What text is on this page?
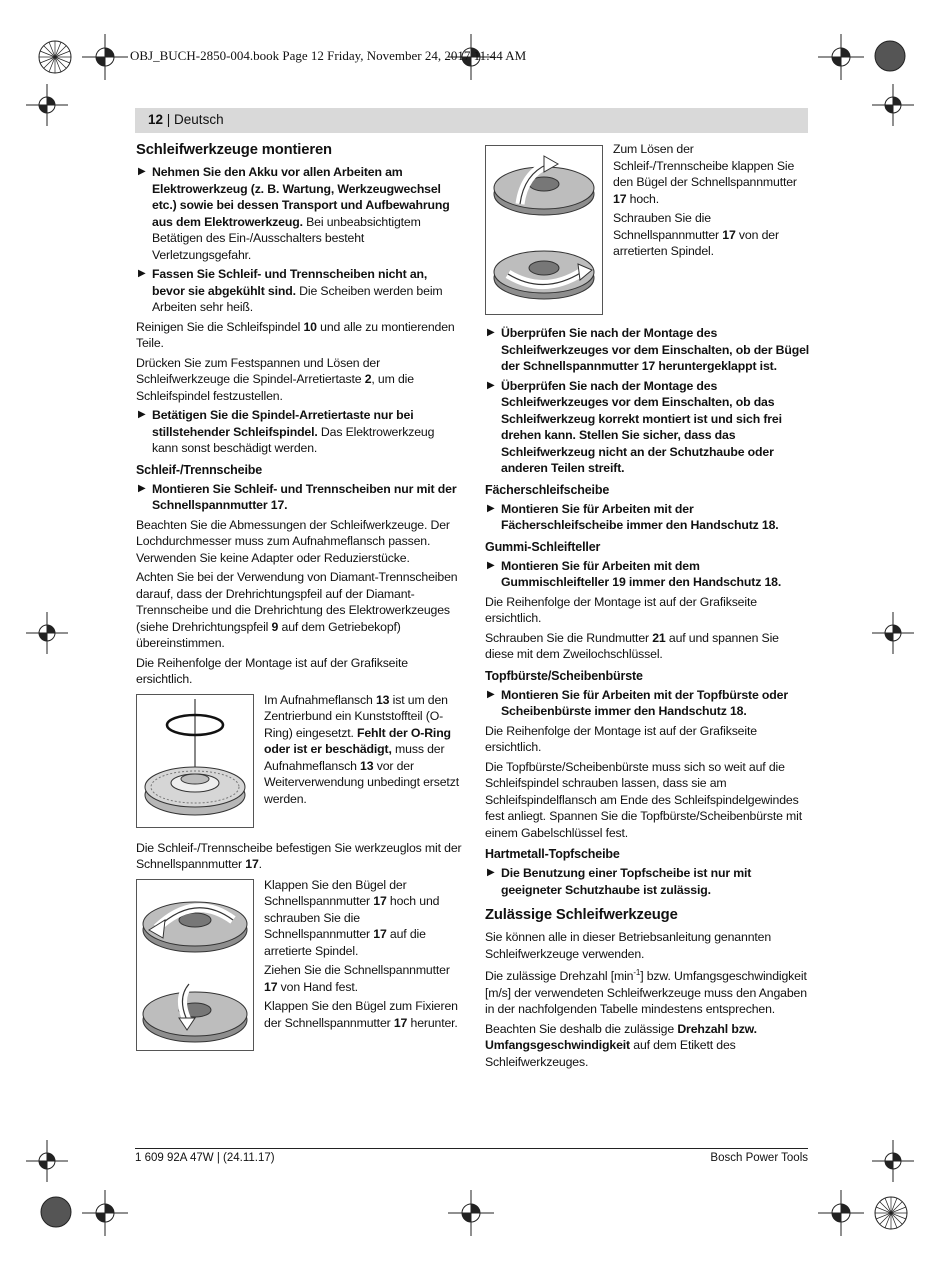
OBJ_BUCH-2850-004.book Page 12 Friday, November 24, 2017 11:44 AM
12 | Deutsch
Schleifwerkzeuge montieren
▶ Nehmen Sie den Akku vor allen Arbeiten am Elektrowerkzeug (z. B. Wartung, Werkzeugwechsel etc.) sowie bei dessen Transport und Aufbewahrung aus dem Elektrowerkzeug. Bei unbeabsichtigtem Betätigen des Ein-/Ausschalters besteht Verletzungsgefahr.
▶ Fassen Sie Schleif- und Trennscheiben nicht an, bevor sie abgekühlt sind. Die Scheiben werden beim Arbeiten sehr heiß.

Reinigen Sie die Schleifspindel 10 und alle zu montierenden Teile.

Drücken Sie zum Festspannen und Lösen der Schleifwerkzeuge die Spindel-Arretiertaste 2, um die Schleifspindel festzustellen.

▶ Betätigen Sie die Spindel-Arretiertaste nur bei stillstehender Schleifspindel. Das Elektrowerkzeug kann sonst beschädigt werden.
Schleif-/Trennscheibe
▶ Montieren Sie Schleif- und Trennscheiben nur mit der Schnellspannmutter 17.

Beachten Sie die Abmessungen der Schleifwerkzeuge. Der Lochdurchmesser muss zum Aufnahmeflansch passen. Verwenden Sie keine Adapter oder Reduzierstücke.

Achten Sie bei der Verwendung von Diamant-Trennscheiben darauf, dass der Drehrichtungspfeil auf der Diamant-Trennscheibe und die Drehrichtung des Elektrowerkzeuges (siehe Drehrichtungspfeil 9 auf dem Getriebekopf) übereinstimmen.

Die Reihenfolge der Montage ist auf der Grafikseite ersichtlich.

Im Aufnahmeflansch 13 ist um den Zentrierbund ein Kunststoffteil (O-Ring) eingesetzt. Fehlt der O-Ring oder ist er beschädigt, muss der Aufnahmeflansch 13 vor der Weiterverwendung unbedingt ersetzt werden.

Die Schleif-/Trennscheibe befestigen Sie werkzeuglos mit der Schnellspannmutter 17.

Klappen Sie den Bügel der Schnellspannmutter 17 hoch und schrauben Sie die Schnellspannmutter 17 auf die arretierte Spindel.

Ziehen Sie die Schnellspannmutter 17 von Hand fest.

Klappen Sie den Bügel zum Fixieren der Schnellspannmutter 17 herunter.

Zum Lösen der Schleif-/Trennscheibe klappen Sie den Bügel der Schnellspannmutter 17 hoch.

Schrauben Sie die Schnellspannmutter 17 von der arretierten Spindel.

▶ Überprüfen Sie nach der Montage des Schleifwerkzeuges vor dem Einschalten, ob der Bügel der Schnellspannmutter 17 heruntergeklappt ist.
▶ Überprüfen Sie nach der Montage des Schleifwerkzeuges vor dem Einschalten, ob das Schleifwerkzeug korrekt montiert ist und sich frei drehen kann. Stellen Sie sicher, dass das Schleifwerkzeug nicht an der Schutzhaube oder anderen Teilen streift.
Fächerschleifscheibe
▶ Montieren Sie für Arbeiten mit der Fächerschleifscheibe immer den Handschutz 18.
Gummi-Schleifteller
▶ Montieren Sie für Arbeiten mit dem Gummischleifteller 19 immer den Handschutz 18.

Die Reihenfolge der Montage ist auf der Grafikseite ersichtlich.

Schrauben Sie die Rundmutter 21 auf und spannen Sie diese mit dem Zweilochschlüssel.

Topfbürste/Scheibenbürste
▶ Montieren Sie für Arbeiten mit der Topfbürste oder Scheibenbürste immer den Handschutz 18.

Die Reihenfolge der Montage ist auf der Grafikseite ersichtlich.

Die Topfbürste/Scheibenbürste muss sich so weit auf die Schleifspindel schrauben lassen, dass sie am Schleifspindelflansch am Ende des Schleifspindelgewindes fest anliegt. Spannen Sie die Topfbürste/Scheibenbürste mit einem Gabelschlüssel fest.

Hartmetall-Topfscheibe
▶ Die Benutzung einer Topfscheibe ist nur mit geeigneter Schutzhaube ist zulässig.
Zulässige Schleifwerkzeuge

Sie können alle in dieser Betriebsanleitung genannten Schleifwerkzeuge verwenden.

Die zulässige Drehzahl $[\min^{-1}]$ bzw. Umfangsgeschwindigkeit [m/s] der verwendeten Schleifwerkzeuge muss den Angaben in der nachfolgenden Tabelle mindestens entsprechen.

Beachten Sie deshalb die zulässige Drehzahl bzw. Umfangsgeschwindigkeit auf dem Etikett des Schleifwerkzeuges.

1 609 92A 47W | (24.11.17)	Bosch Power Tools
